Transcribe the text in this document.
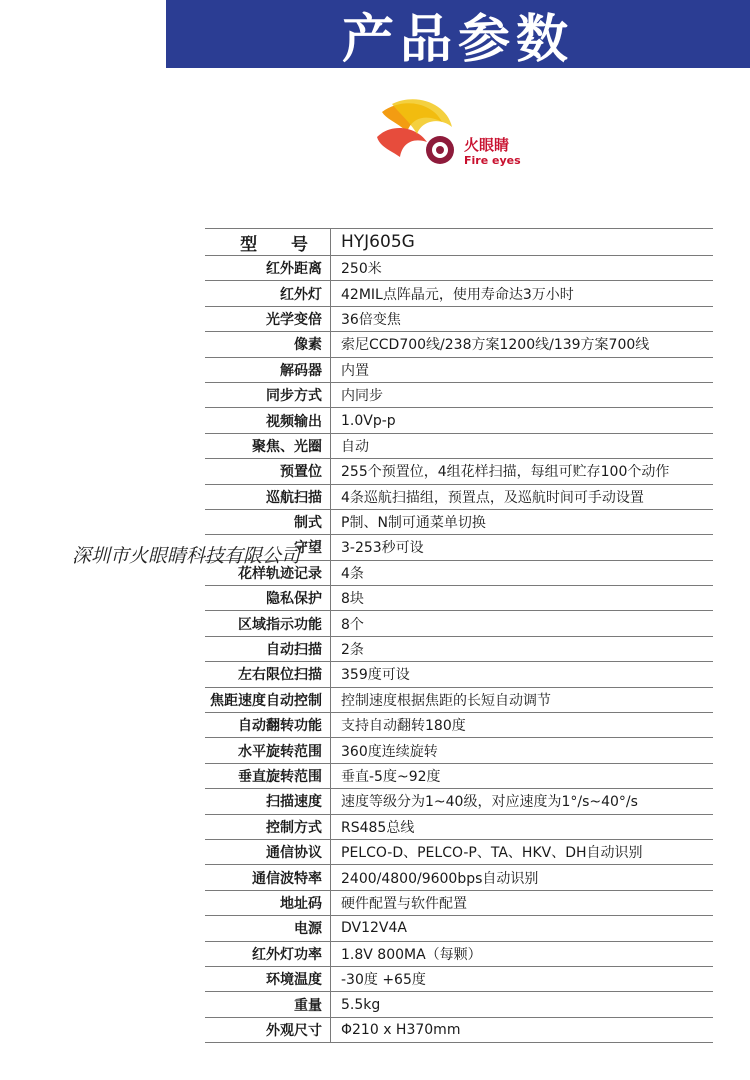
产品参数
火眼睛
Fire eyes
型 号	HYJ605G
红外距离	250米
红外灯	42MIL点阵晶元，使用寿命达3万小时
光学变倍	36倍变焦
像素	索尼CCD700线/238方案1200线/139方案700线
解码器	内置
同步方式	内同步
视频输出	1.0Vp-p
聚焦、光圈	自动
预置位	255个预置位，4组花样扫描，每组可贮存100个动作
巡航扫描	4条巡航扫描组，预置点，及巡航时间可手动设置
制式	P制、N制可通菜单切换
守望	3-253秒可设
花样轨迹记录	4条
隐私保护	8块
区域指示功能	8个
自动扫描	2条
左右限位扫描	359度可设
焦距速度自动控制	控制速度根据焦距的长短自动调节
自动翻转功能	支持自动翻转180度
水平旋转范围	360度连续旋转
垂直旋转范围	垂直-5度~92度
扫描速度	速度等级分为1~40级，对应速度为1°/s~40°/s
控制方式	RS485总线
通信协议	PELCO-D、PELCO-P、TA、HKV、DH自动识别
通信波特率	2400/4800/9600bps自动识别
地址码	硬件配置与软件配置
电源	DV12V4A
红外灯功率	1.8V 800MA（每颗）
环境温度	-30度 +65度
重量	5.5kg
外观尺寸	Φ210 x H370mm
深圳市火眼睛科技有限公司
